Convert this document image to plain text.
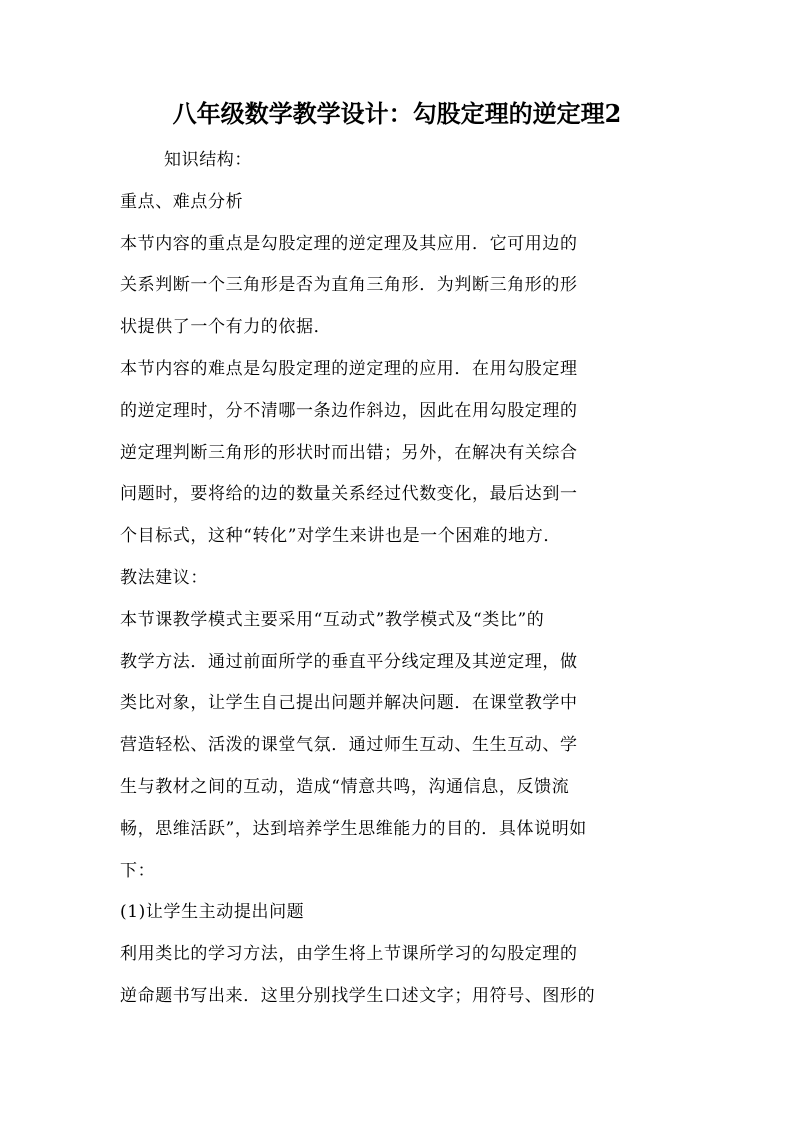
八年级数学教学设计：勾股定理的逆定理2
知识结构：
重点、难点分析
本节内容的重点是勾股定理的逆定理及其应用．它可用边的
关系判断一个三角形是否为直角三角形．为判断三角形的形
状提供了一个有力的依据．
本节内容的难点是勾股定理的逆定理的应用．在用勾股定理
的逆定理时，分不清哪一条边作斜边，因此在用勾股定理的
逆定理判断三角形的形状时而出错；另外，在解决有关综合
问题时，要将给的边的数量关系经过代数变化，最后达到一
个目标式，这种“转化”对学生来讲也是一个困难的地方．
教法建议：
本节课教学模式主要采用“互动式”教学模式及“类比”的
教学方法．通过前面所学的垂直平分线定理及其逆定理，做
类比对象，让学生自己提出问题并解决问题．在课堂教学中
营造轻松、活泼的课堂气氛．通过师生互动、生生互动、学
生与教材之间的互动，造成“情意共鸣，沟通信息，反馈流
畅，思维活跃”，达到培养学生思维能力的目的．具体说明如
下：
(1)让学生主动提出问题
利用类比的学习方法，由学生将上节课所学习的勾股定理的
逆命题书写出来．这里分别找学生口述文字；用符号、图形的
